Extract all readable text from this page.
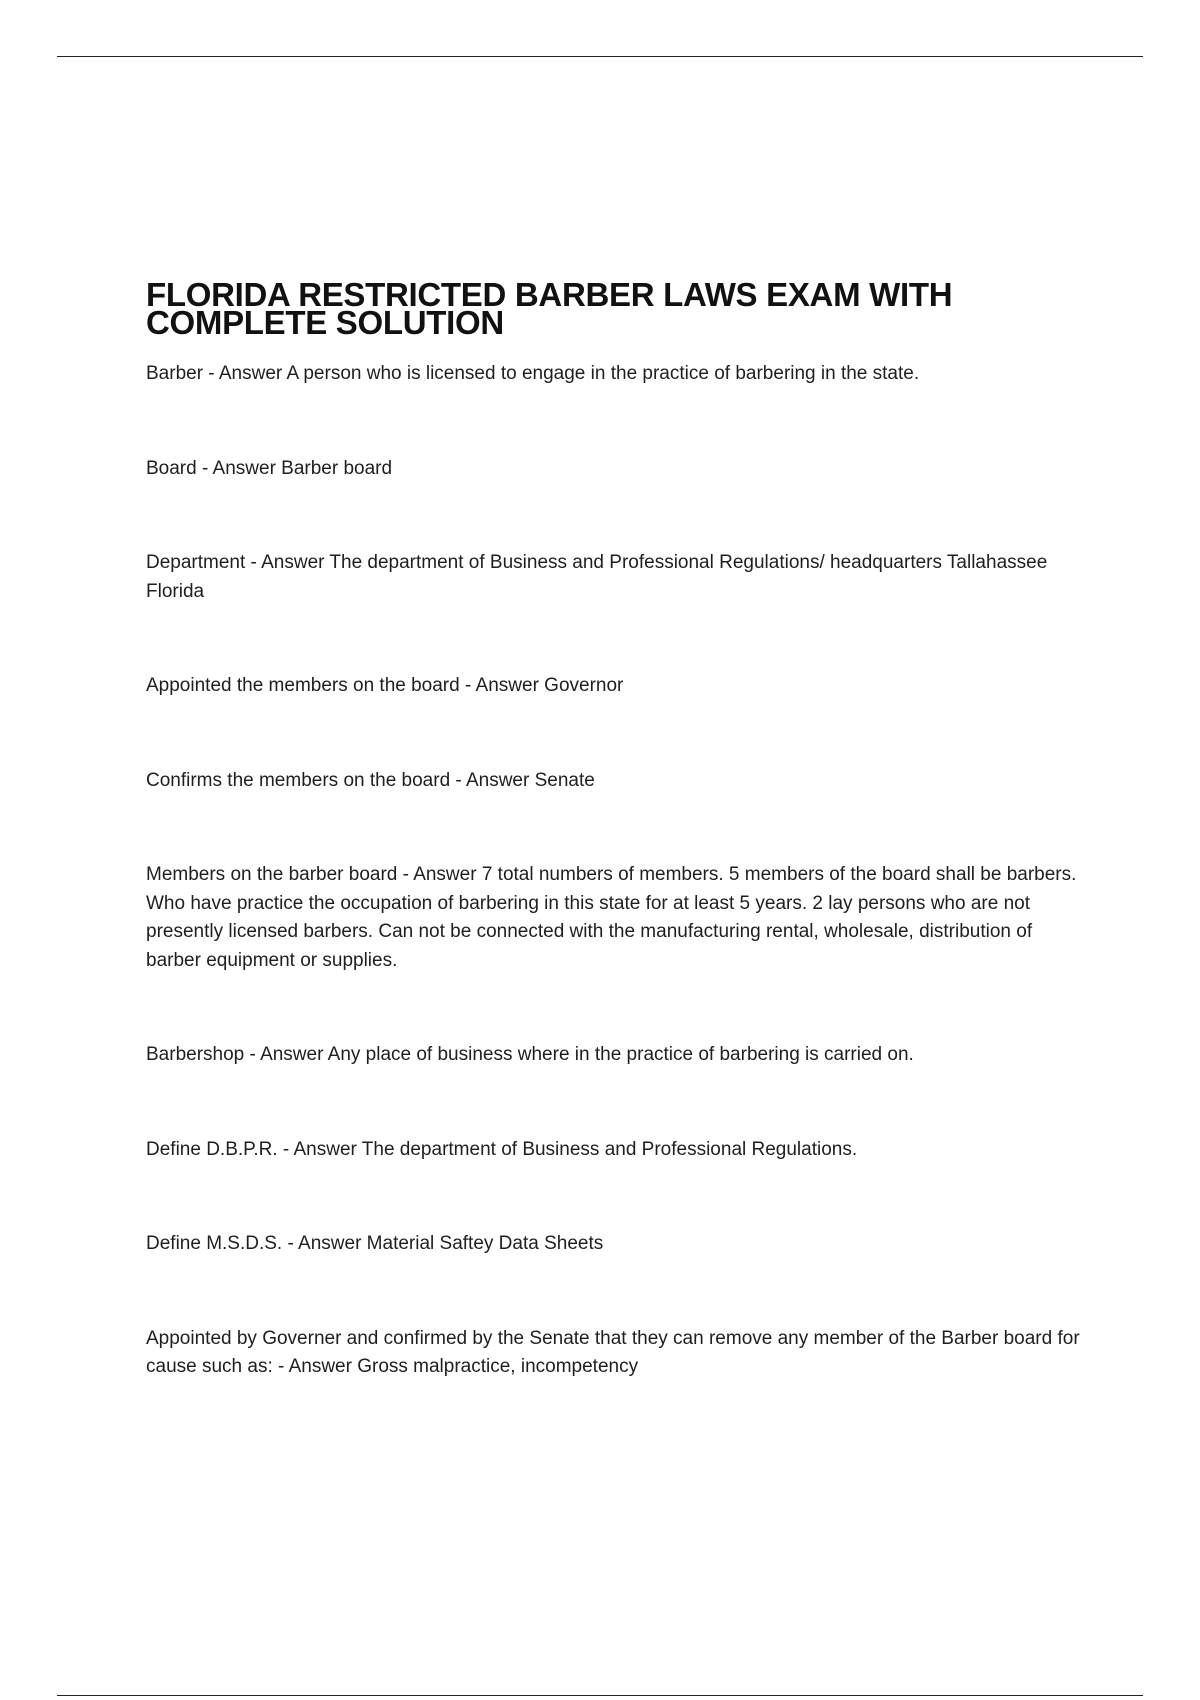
FLORIDA RESTRICTED BARBER LAWS EXAM WITH
COMPLETE SOLUTION
Barber - Answer A person who is licensed to engage in the practice of barbering in the state.
Board - Answer Barber board
Department - Answer The department of Business and Professional Regulations/ headquarters Tallahassee Florida
Appointed the members on the board - Answer Governor
Confirms the members on the board - Answer Senate
Members on the barber board - Answer 7 total numbers of members. 5 members of the board shall be barbers. Who have practice the occupation of barbering in this state for at least 5 years. 2 lay persons who are not presently licensed barbers. Can not be connected with the manufacturing rental, wholesale, distribution of barber equipment or supplies.
Barbershop - Answer Any place of business where in the practice of barbering is carried on.
Define D.B.P.R. - Answer The department of Business and Professional Regulations.
Define M.S.D.S. - Answer Material Saftey Data Sheets
Appointed by Governer and confirmed by the Senate that they can remove any member of the Barber board for cause such as: - Answer Gross malpractice, incompetency
